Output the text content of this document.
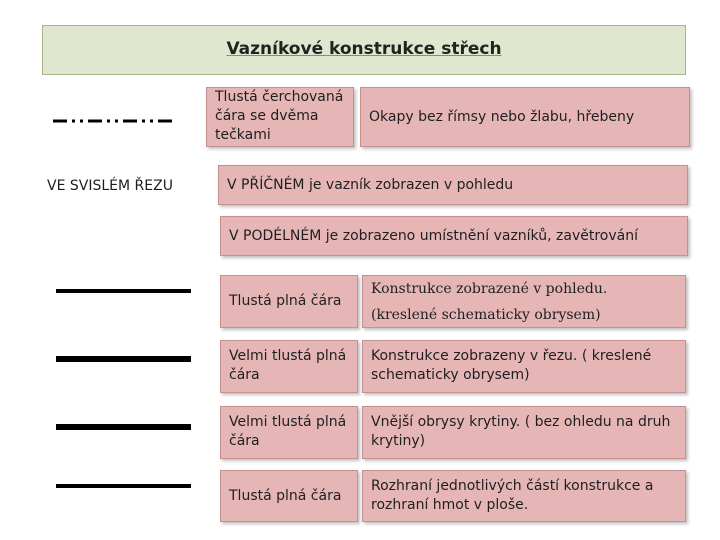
Vazníkové konstrukce střech
Tlustá čerchovaná čára se dvěma tečkami
Okapy bez římsy nebo žlabu, hřebeny
VE SVISLÉM ŘEZU	V PŘÍČNÉM je vazník zobrazen v pohledu
V PODÉLNÉM je zobrazeno umístnění vazníků, zavětrování
Tlustá plná čára
Konstrukce zobrazené v pohledu.
(kreslené schematicky obrysem)
Velmi tlustá plná čára
Konstrukce zobrazeny v řezu. ( kreslené schematicky obrysem)
Velmi tlustá plná čára
Vnější obrysy krytiny. ( bez ohledu na druh krytiny)
Tlustá plná čára
Rozhraní jednotlivých částí konstrukce a rozhraní hmot v ploše.
